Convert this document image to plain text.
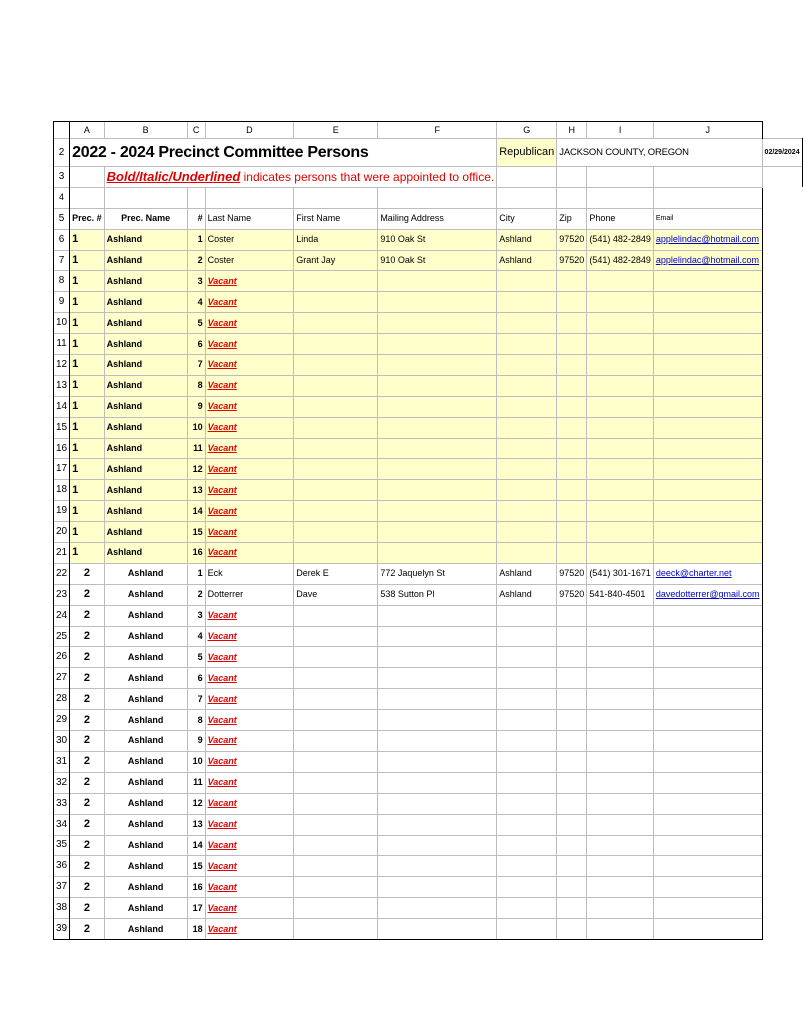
	A	B	C	D	E	F	G	H	I	J	
2	2022 - 2024 Precinct Committee Persons						Republican	JACKSON COUNTY, OREGON			02/29/2024
3		Bold/Italic/Underlined indicates persons that were appointed to office.									
4											
5	Prec. #	Prec. Name	#	Last Name	First Name	Mailing Address	City	Zip	Phone	Email	
6	1	Ashland	1	Coster	Linda	910 Oak St	Ashland	97520	(541) 482-2849	applelindac@hotmail.com	
7	1	Ashland	2	Coster	Grant Jay	910 Oak St	Ashland	97520	(541) 482-2849	applelindac@hotmail.com	
8	1	Ashland	3	Vacant							
9	1	Ashland	4	Vacant							
10	1	Ashland	5	Vacant							
11	1	Ashland	6	Vacant							
12	1	Ashland	7	Vacant							
13	1	Ashland	8	Vacant							
14	1	Ashland	9	Vacant							
15	1	Ashland	10	Vacant							
16	1	Ashland	11	Vacant							
17	1	Ashland	12	Vacant							
18	1	Ashland	13	Vacant							
19	1	Ashland	14	Vacant							
20	1	Ashland	15	Vacant							
21	1	Ashland	16	Vacant							
22	2	Ashland	1	Eck	Derek E	772 Jaquelyn St	Ashland	97520	(541) 301-1671	deeck@charter.net	
23	2	Ashland	2	Dotterrer	Dave	538 Sutton Pl	Ashland	97520	541-840-4501	davedotterrer@gmail.com	
24	2	Ashland	3	Vacant							
25	2	Ashland	4	Vacant							
26	2	Ashland	5	Vacant							
27	2	Ashland	6	Vacant							
28	2	Ashland	7	Vacant							
29	2	Ashland	8	Vacant							
30	2	Ashland	9	Vacant							
31	2	Ashland	10	Vacant							
32	2	Ashland	11	Vacant							
33	2	Ashland	12	Vacant							
34	2	Ashland	13	Vacant							
35	2	Ashland	14	Vacant							
36	2	Ashland	15	Vacant							
37	2	Ashland	16	Vacant							
38	2	Ashland	17	Vacant							
39	2	Ashland	18	Vacant							
